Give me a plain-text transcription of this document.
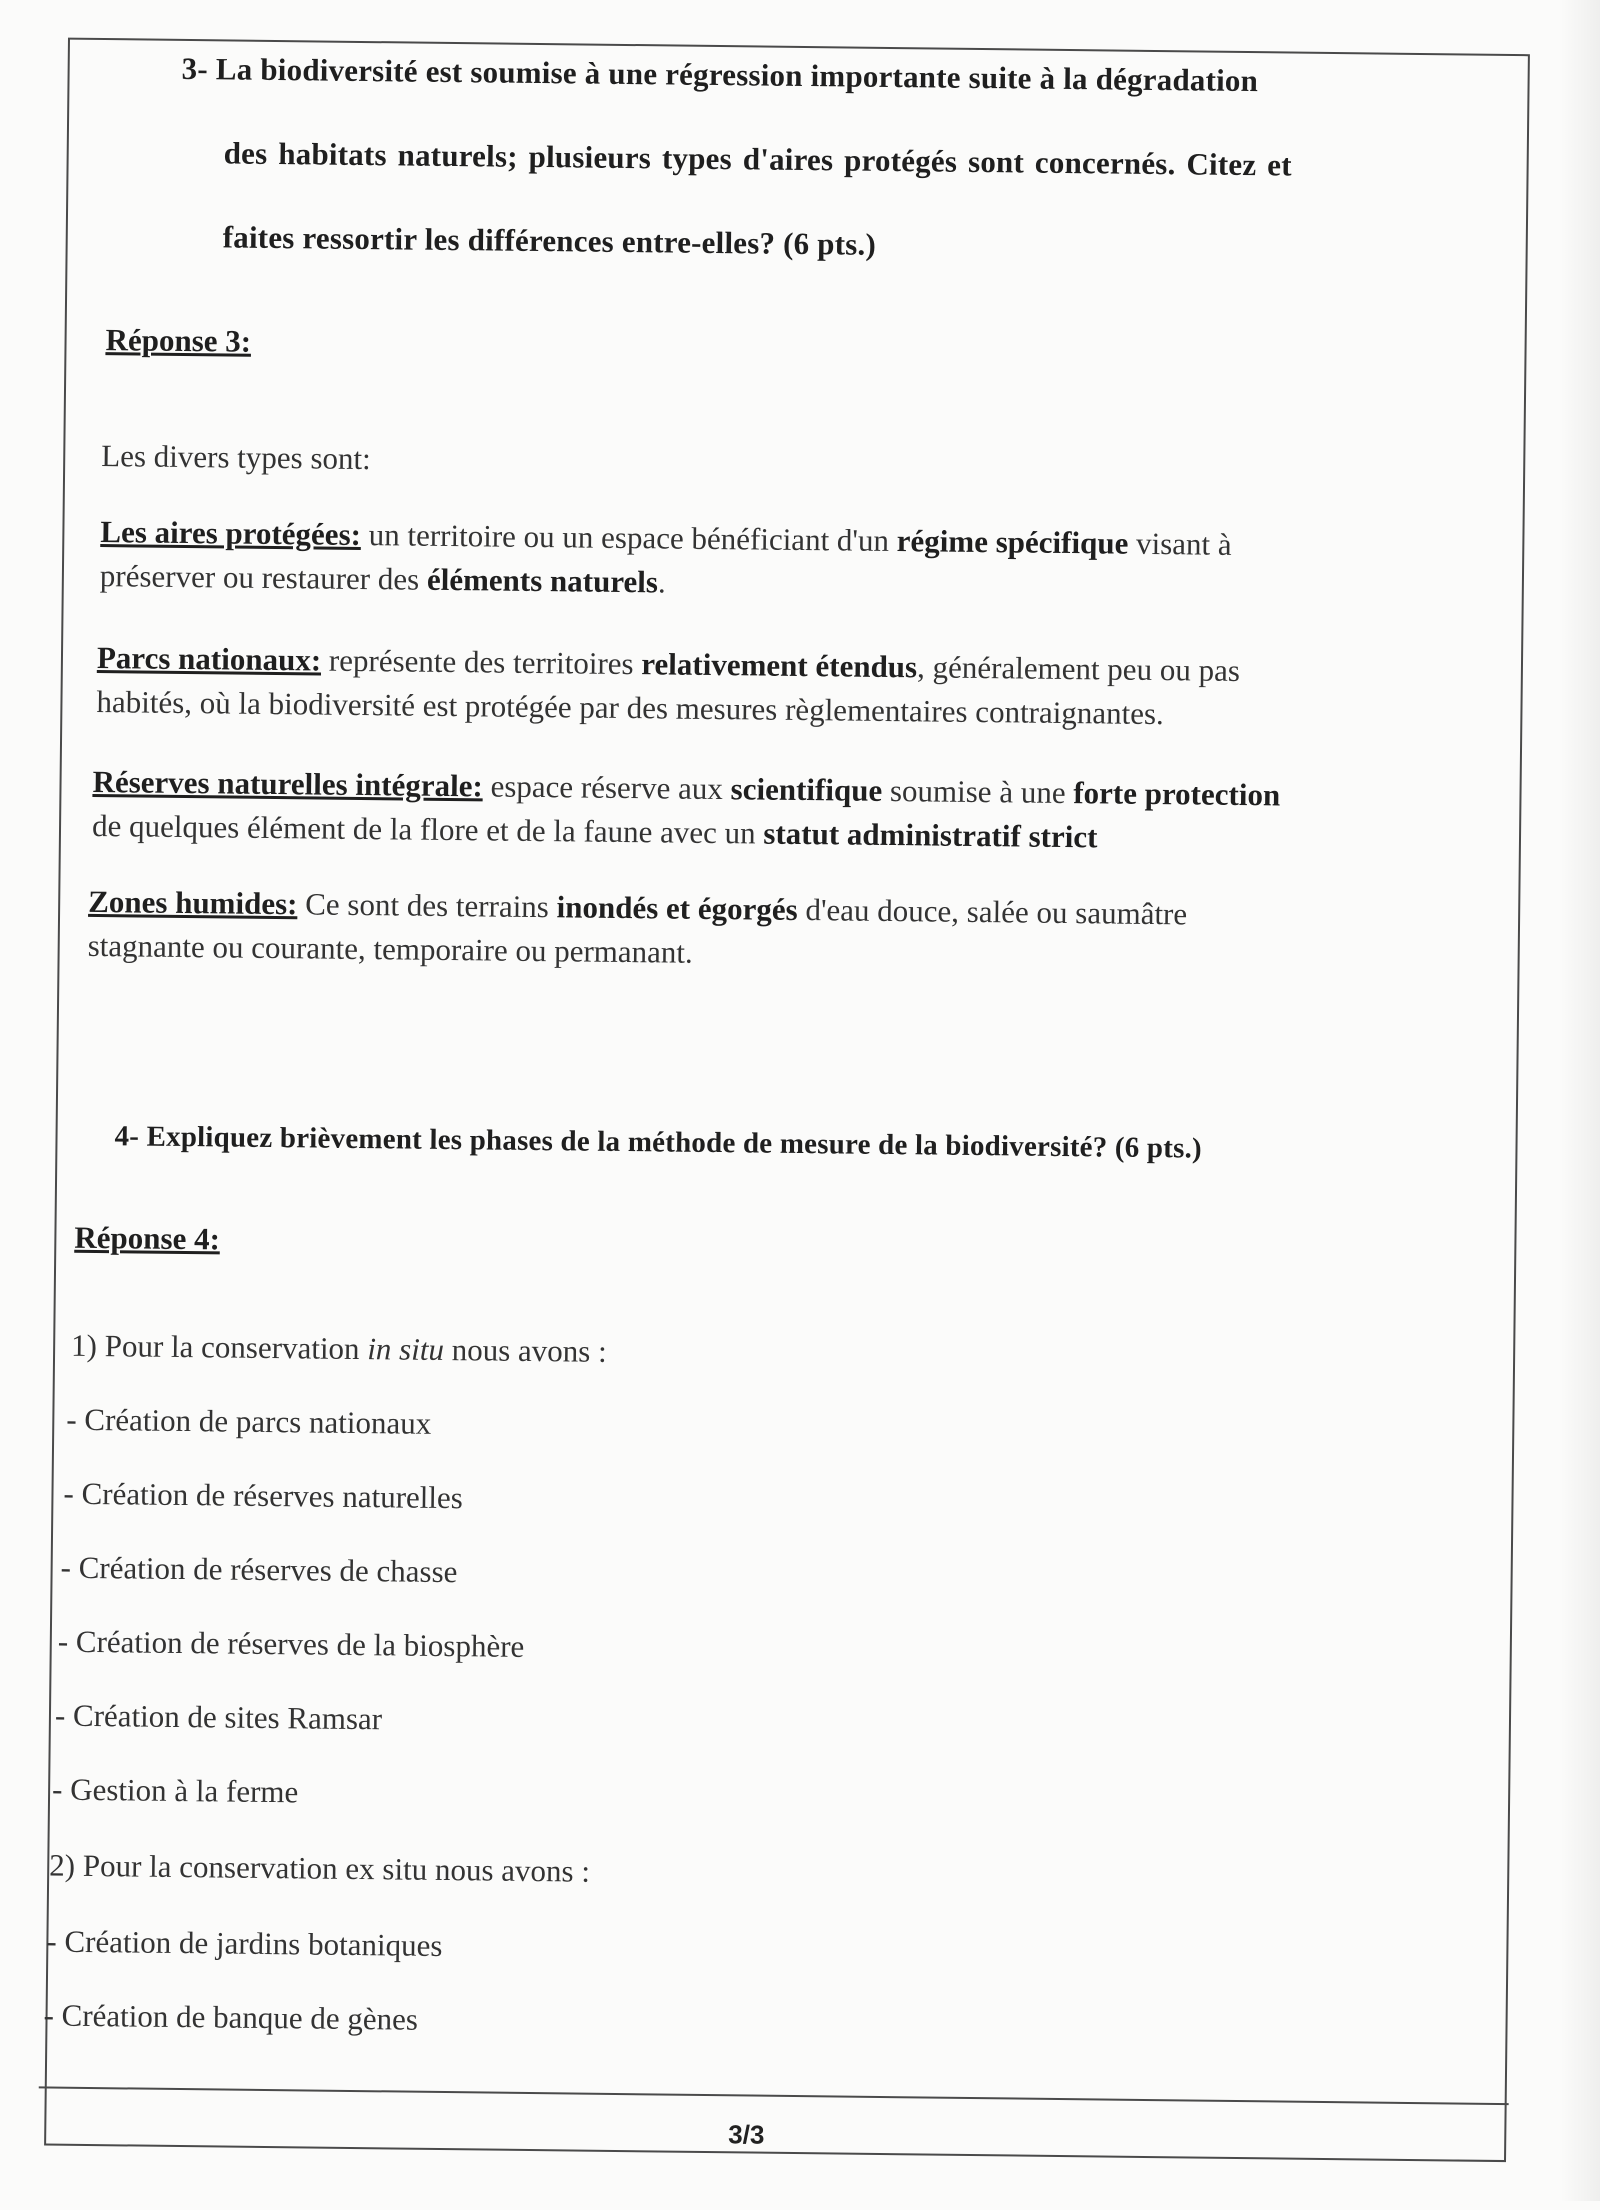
3- La biodiversité est soumise à une régression importante suite à la dégradation
des habitats naturels; plusieurs types d'aires protégés sont concernés. Citez et
faites ressortir les différences entre-elles? (6 pts.)
Réponse 3:
Les divers types sont:
Les aires protégées: un territoire ou un espace bénéficiant d'un régime spécifique visant à
préserver ou restaurer des éléments naturels.
Parcs nationaux: représente des territoires relativement étendus, généralement peu ou pas
habités, où la biodiversité est protégée par des mesures règlementaires contraignantes.
Réserves naturelles intégrale: espace réserve aux scientifique soumise à une forte protection
de quelques élément de la flore et de la faune avec un statut administratif strict
Zones humides: Ce sont des terrains inondés et égorgés d'eau douce, salée ou saumâtre
stagnante ou courante, temporaire ou permanant.
4- Expliquez brièvement les phases de la méthode de mesure de la biodiversité? (6 pts.)
Réponse 4:
1) Pour la conservation in situ nous avons :
- Création de parcs nationaux
- Création de réserves naturelles
- Création de réserves de chasse
- Création de réserves de la biosphère
- Création de sites Ramsar
- Gestion à la ferme
2) Pour la conservation ex situ nous avons :
- Création de jardins botaniques
- Création de banque de gènes
3/3
